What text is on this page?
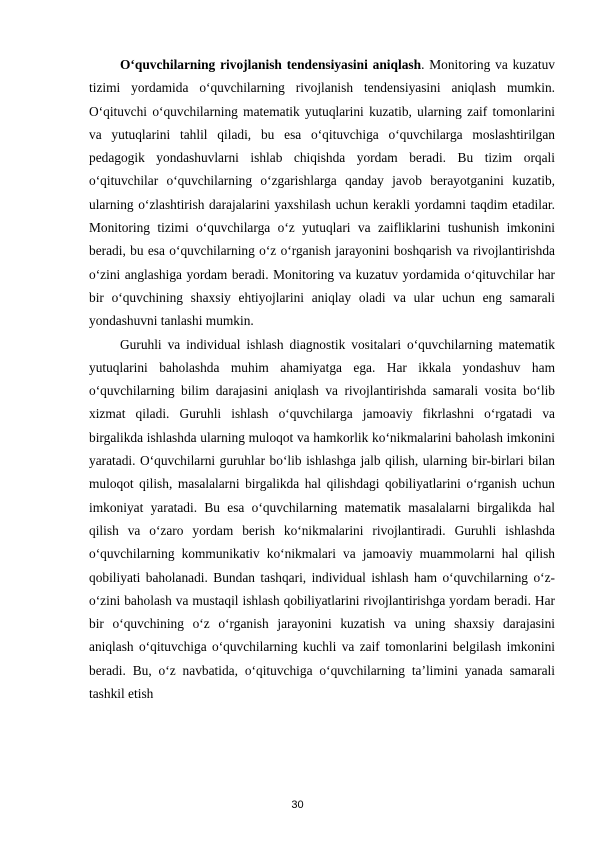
O‘quvchilarning rivojlanish tendensiyasini aniqlash. Monitoring va kuzatuv tizimi yordamida o‘quvchilarning rivojlanish tendensiyasini aniqlash mumkin. O‘qituvchi o‘quvchilarning matematik yutuqlarini kuzatib, ularning zaif tomonlarini va yutuqlarini tahlil qiladi, bu esa o‘qituvchiga o‘quvchilarga moslashtirilgan pedagogik yondashuvlarni ishlab chiqishda yordam beradi. Bu tizim orqali o‘qituvchilar o‘quvchilarning o‘zgarishlarga qanday javob berayotganini kuzatib, ularning o‘zlashtirish darajalarini yaxshilash uchun kerakli yordamni taqdim etadilar. Monitoring tizimi o‘quvchilarga o‘z yutuqlari va zaifliklarini tushunish imkonini beradi, bu esa o‘quvchilarning o‘z o‘rganish jarayonini boshqarish va rivojlantirishda o‘zini anglashiga yordam beradi. Monitoring va kuzatuv yordamida o‘qituvchilar har bir o‘quvchining shaxsiy ehtiyojlarini aniqlay oladi va ular uchun eng samarali yondashuvni tanlashi mumkin.

Guruhli va individual ishlash diagnostik vositalari o‘quvchilarning matematik yutuqlarini baholashda muhim ahamiyatga ega. Har ikkala yondashuv ham o‘quvchilarning bilim darajasini aniqlash va rivojlantirishda samarali vosita bo‘lib xizmat qiladi. Guruhli ishlash o‘quvchilarga jamoaviy fikrlashni o‘rgatadi va birgalikda ishlashda ularning muloqot va hamkorlik ko‘nikmalarini baholash imkonini yaratadi. O‘quvchilarni guruhlar bo‘lib ishlashga jalb qilish, ularning bir-birlari bilan muloqot qilish, masalalarni birgalikda hal qilishdagi qobiliyatlarini o‘rganish uchun imkoniyat yaratadi. Bu esa o‘quvchilarning matematik masalalarni birgalikda hal qilish va o‘zaro yordam berish ko‘nikmalarini rivojlantiradi. Guruhli ishlashda o‘quvchilarning kommunikativ ko‘nikmalari va jamoaviy muammolarni hal qilish qobiliyati baholanadi. Bundan tashqari, individual ishlash ham o‘quvchilarning o‘z-o‘zini baholash va mustaqil ishlash qobiliyatlarini rivojlantirishga yordam beradi. Har bir o‘quvchining o‘z o‘rganish jarayonini kuzatish va uning shaxsiy darajasini aniqlash o‘qituvchiga o‘quvchilarning kuchli va zaif tomonlarini belgilash imkonini beradi. Bu, o‘z navbatida, o‘qituvchiga o‘quvchilarning ta’limini yanada samarali tashkil etish

30
